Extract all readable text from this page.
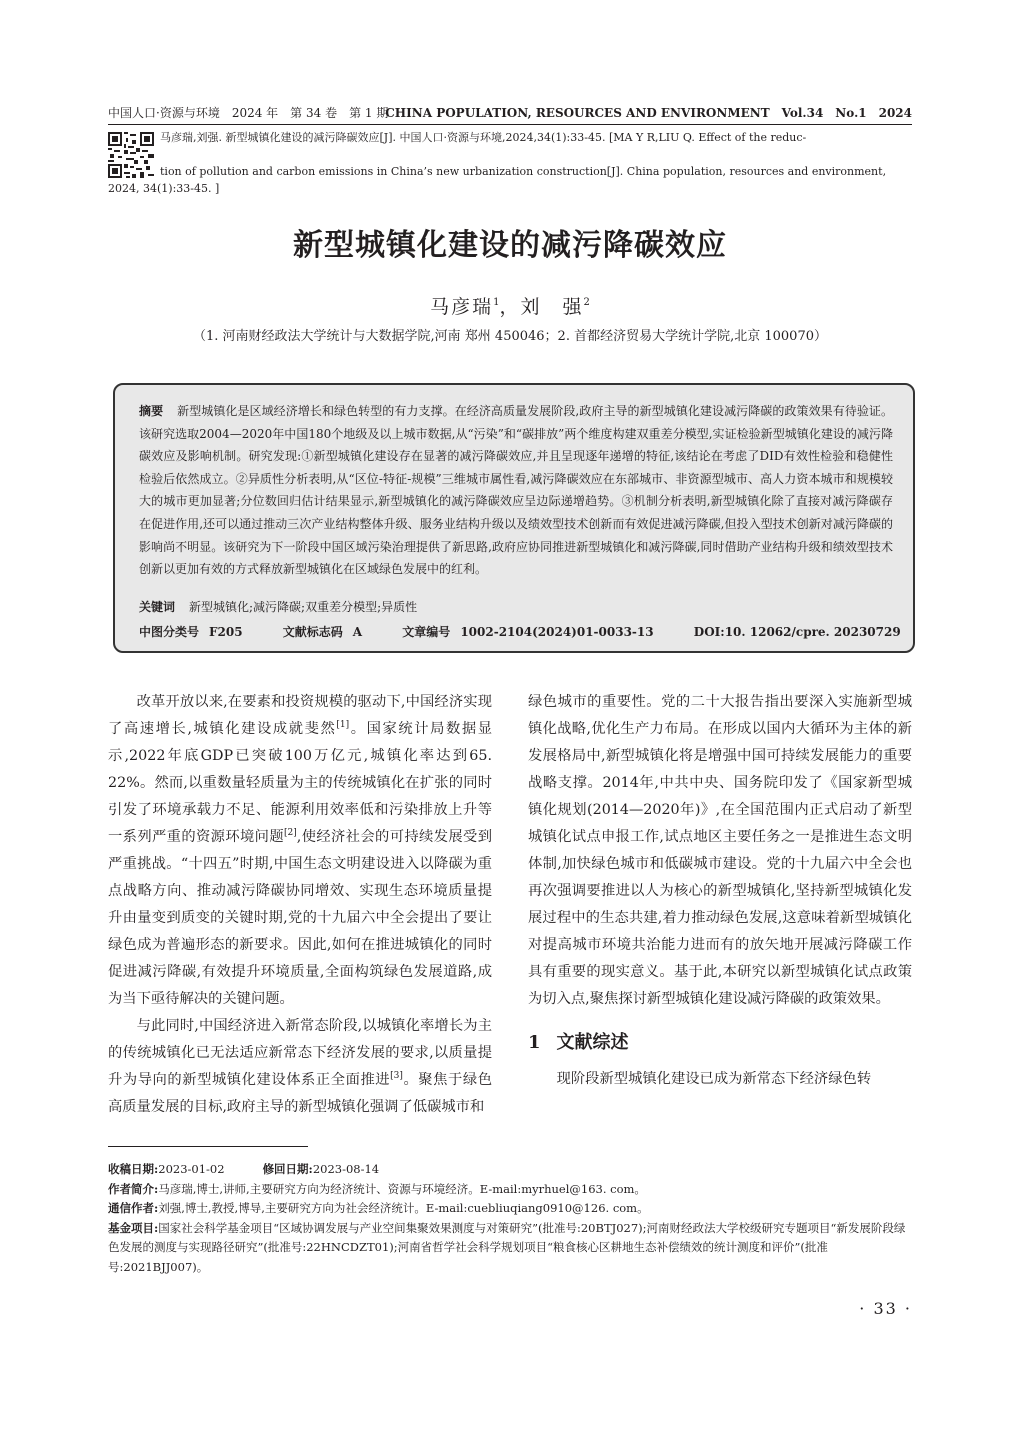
中国人口·资源与环境　2024 年　第 34 卷　第 1 期
CHINA POPULATION, RESOURCES AND ENVIRONMENT　Vol.34　No.1　2024
马彦瑞,刘强. 新型城镇化建设的减污降碳效应[J]. 中国人口·资源与环境,2024,34(1):33-45. [MA Y R,LIU Q. Effect of the reduc-
tion of pollution and carbon emissions in China’s new urbanization construction[J]. China population, resources and environment, 2024, 34(1):33-45. ]
新型城镇化建设的减污降碳效应
马彦瑞$^1$，刘　强$^2$
（1. 河南财经政法大学统计与大数据学院,河南 郑州 450046；2. 首都经济贸易大学统计学院,北京 100070）
摘要 新型城镇化是区域经济增长和绿色转型的有力支撑。在经济高质量发展阶段,政府主导的新型城镇化建设减污降碳的政策效果有待验证。该研究选取2004—2020年中国180个地级及以上城市数据,从“污染”和“碳排放”两个维度构建双重差分模型,实证检验新型城镇化建设的减污降碳效应及影响机制。研究发现:①新型城镇化建设存在显著的减污降碳效应,并且呈现逐年递增的特征,该结论在考虑了DID有效性检验和稳健性检验后依然成立。②异质性分析表明,从“区位-特征-规模”三维城市属性看,减污降碳效应在东部城市、非资源型城市、高人力资本城市和规模较大的城市更加显著;分位数回归估计结果显示,新型城镇化的减污降碳效应呈边际递增趋势。③机制分析表明,新型城镇化除了直接对减污降碳存在促进作用,还可以通过推动三次产业结构整体升级、服务业结构升级以及绩效型技术创新而有效促进减污降碳,但投入型技术创新对减污降碳的影响尚不明显。该研究为下一阶段中国区域污染治理提供了新思路,政府应协同推进新型城镇化和减污降碳,同时借助产业结构升级和绩效型技术创新以更加有效的方式释放新型城镇化在区域绿色发展中的红利。
关键词 新型城镇化;减污降碳;双重差分模型;异质性
中图分类号 F205	文献标志码 A	文章编号 1002-2104(2024)01-0033-13	DOI:10. 12062/cpre. 20230729

改革开放以来,在要素和投资规模的驱动下,中国经济实现了高速增长,城镇化建设成就斐然[1]。国家统计局数据显示,2022年底GDP已突破100万亿元,城镇化率达到65. 22%。然而,以重数量轻质量为主的传统城镇化在扩张的同时引发了环境承载力不足、能源利用效率低和污染排放上升等一系列严重的资源环境问题[2],使经济社会的可持续发展受到严重挑战。“十四五”时期,中国生态文明建设进入以降碳为重点战略方向、推动减污降碳协同增效、实现生态环境质量提升由量变到质变的关键时期,党的十九届六中全会提出了要让绿色成为普遍形态的新要求。因此,如何在推进城镇化的同时促进减污降碳,有效提升环境质量,全面构筑绿色发展道路,成为当下亟待解决的关键问题。

与此同时,中国经济进入新常态阶段,以城镇化率增长为主的传统城镇化已无法适应新常态下经济发展的要求,以质量提升为导向的新型城镇化建设体系正全面推进[3]。聚焦于绿色高质量发展的目标,政府主导的新型城镇化强调了低碳城市和

绿色城市的重要性。党的二十大报告指出要深入实施新型城镇化战略,优化生产力布局。在形成以国内大循环为主体的新发展格局中,新型城镇化将是增强中国可持续发展能力的重要战略支撑。2014年,中共中央、国务院印发了《国家新型城镇化规划(2014—2020年)》,在全国范围内正式启动了新型城镇化试点申报工作,试点地区主要任务之一是推进生态文明体制,加快绿色城市和低碳城市建设。党的十九届六中全会也再次强调要推进以人为核心的新型城镇化,坚持新型城镇化发展过程中的生态共建,着力推动绿色发展,这意味着新型城镇化对提高城市环境共治能力进而有的放矢地开展减污降碳工作具有重要的现实意义。基于此,本研究以新型城镇化试点政策为切入点,聚焦探讨新型城镇化建设减污降碳的政策效果。

1 文献综述

现阶段新型城镇化建设已成为新常态下经济绿色转

收稿日期:2023-01-02	修回日期:2023-08-14

作者简介:马彦瑞,博士,讲师,主要研究方向为经济统计、资源与环境经济。E-mail:myrhuel@163. com。

通信作者:刘强,博士,教授,博导,主要研究方向为社会经济统计。E-mail:cuebliuqiang0910@126. com。

基金项目:国家社会科学基金项目“区域协调发展与产业空间集聚效果测度与对策研究”(批准号:20BTJ027);河南财经政法大学校级研究专题项目“新发展阶段绿色发展的测度与实现路径研究”(批准号:22HNCDZT01);河南省哲学社会科学规划项目“粮食核心区耕地生态补偿绩效的统计测度和评价”(批准号:2021BJJ007)。

· 33 ·
